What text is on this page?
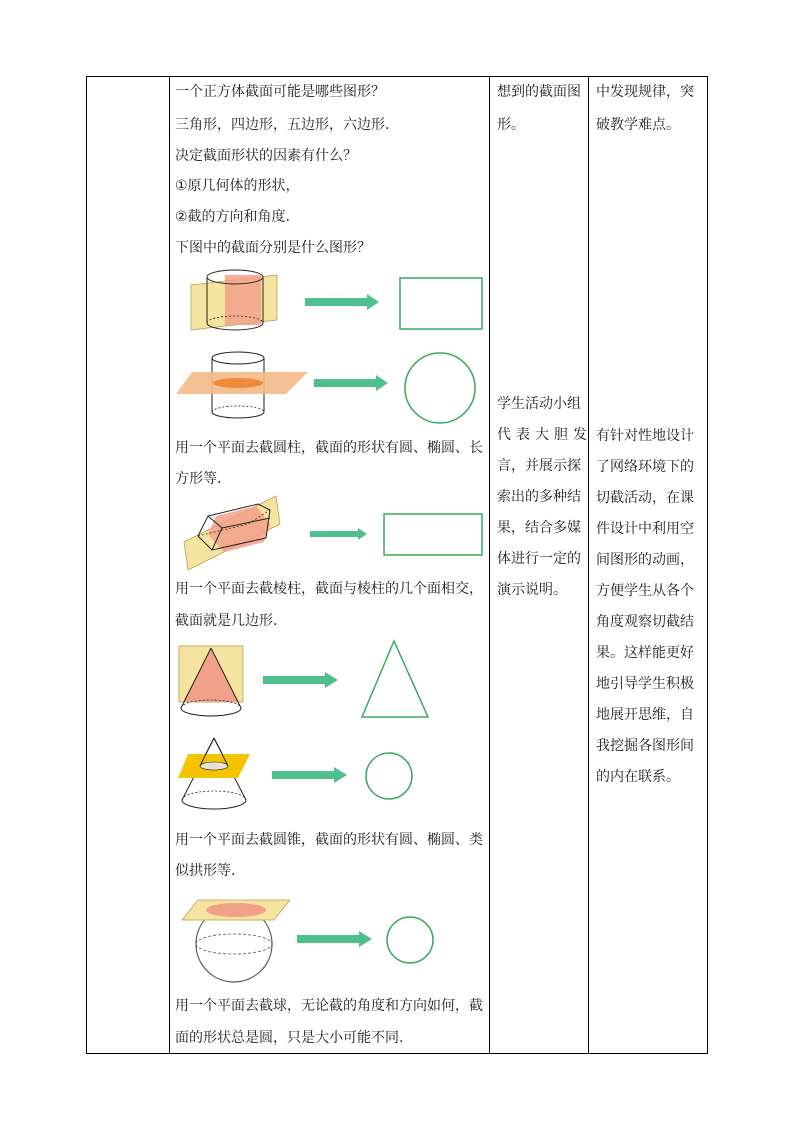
一个正方体截面可能是哪些图形？
三角形，四边形，五边形，六边形.
决定截面形状的因素有什么？
①原几何体的形状，
②截的方向和角度.
下图中的截面分别是什么图形？
用一个平面去截圆柱，截面的形状有圆、椭圆、长
方形等.
用一个平面去截棱柱，截面与棱柱的几个面相交，
截面就是几边形.
用一个平面去截圆锥，截面的形状有圆、椭圆、类
似拱形等.
用一个平面去截球，无论截的角度和方向如何，截
面的形状总是圆，只是大小可能不同.
想到的截面图
形。
学生活动小组
代表大胆发
言，并展示探
索出的多种结
果，结合多媒
体进行一定的
演示说明。
中发现规律，突
破教学难点。
有针对性地设计
了网络环境下的
切截活动，在课
件设计中利用空
间图形的动画，
方便学生从各个
角度观察切截结
果。这样能更好
地引导学生积极
地展开思维，自
我挖掘各图形间
的内在联系。
